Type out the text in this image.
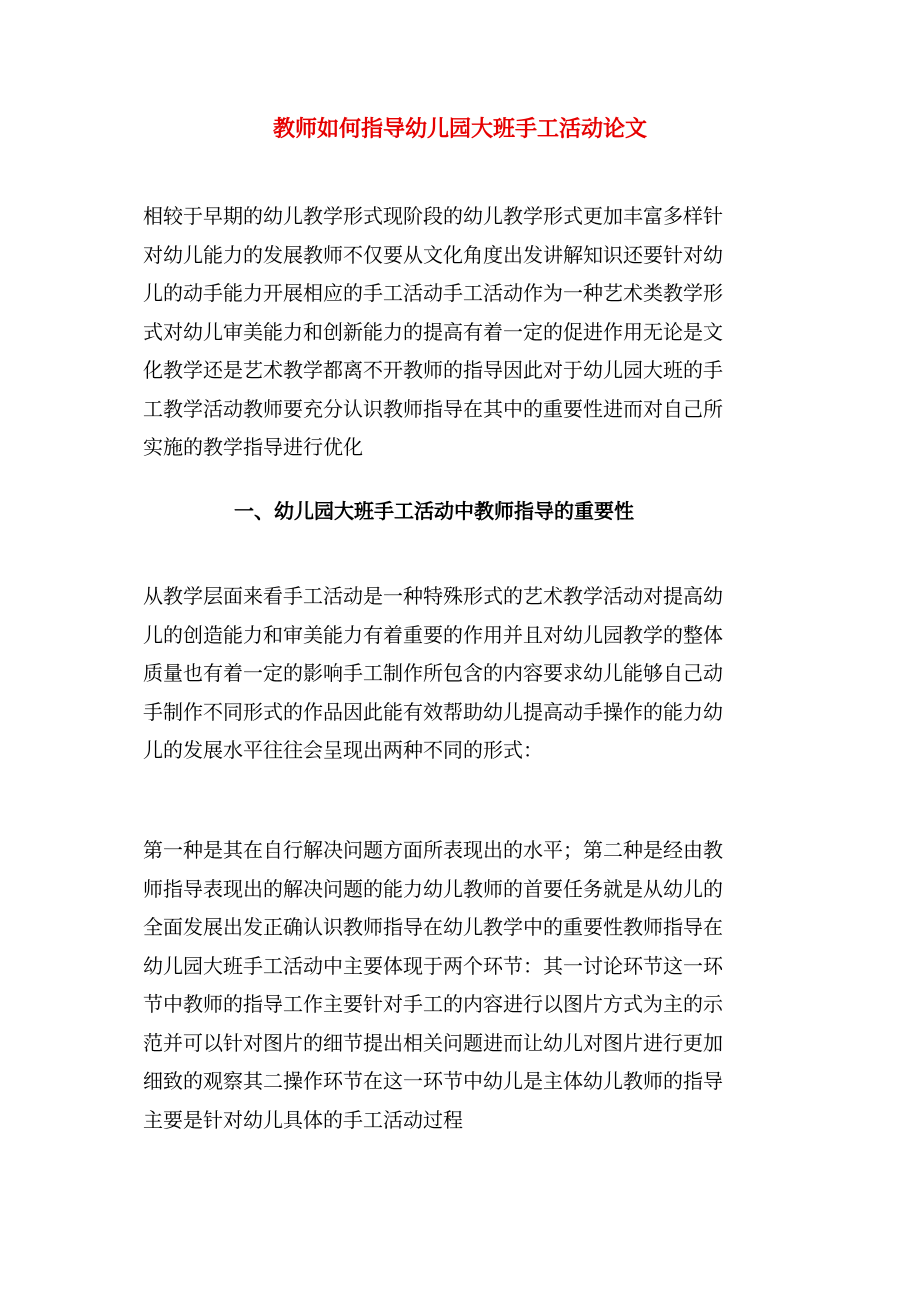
教师如何指导幼儿园大班手工活动论文
相较于早期的幼儿教学形式现阶段的幼儿教学形式更加丰富多样针
对幼儿能力的发展教师不仅要从文化角度出发讲解知识还要针对幼
儿的动手能力开展相应的手工活动手工活动作为一种艺术类教学形
式对幼儿审美能力和创新能力的提高有着一定的促进作用无论是文
化教学还是艺术教学都离不开教师的指导因此对于幼儿园大班的手
工教学活动教师要充分认识教师指导在其中的重要性进而对自己所
实施的教学指导进行优化
一、幼儿园大班手工活动中教师指导的重要性
从教学层面来看手工活动是一种特殊形式的艺术教学活动对提高幼
儿的创造能力和审美能力有着重要的作用并且对幼儿园教学的整体
质量也有着一定的影响手工制作所包含的内容要求幼儿能够自己动
手制作不同形式的作品因此能有效帮助幼儿提高动手操作的能力幼
儿的发展水平往往会呈现出两种不同的形式：
第一种是其在自行解决问题方面所表现出的水平；第二种是经由教
师指导表现出的解决问题的能力幼儿教师的首要任务就是从幼儿的
全面发展出发正确认识教师指导在幼儿教学中的重要性教师指导在
幼儿园大班手工活动中主要体现于两个环节：其一讨论环节这一环
节中教师的指导工作主要针对手工的内容进行以图片方式为主的示
范并可以针对图片的细节提出相关问题进而让幼儿对图片进行更加
细致的观察其二操作环节在这一环节中幼儿是主体幼儿教师的指导
主要是针对幼儿具体的手工活动过程
